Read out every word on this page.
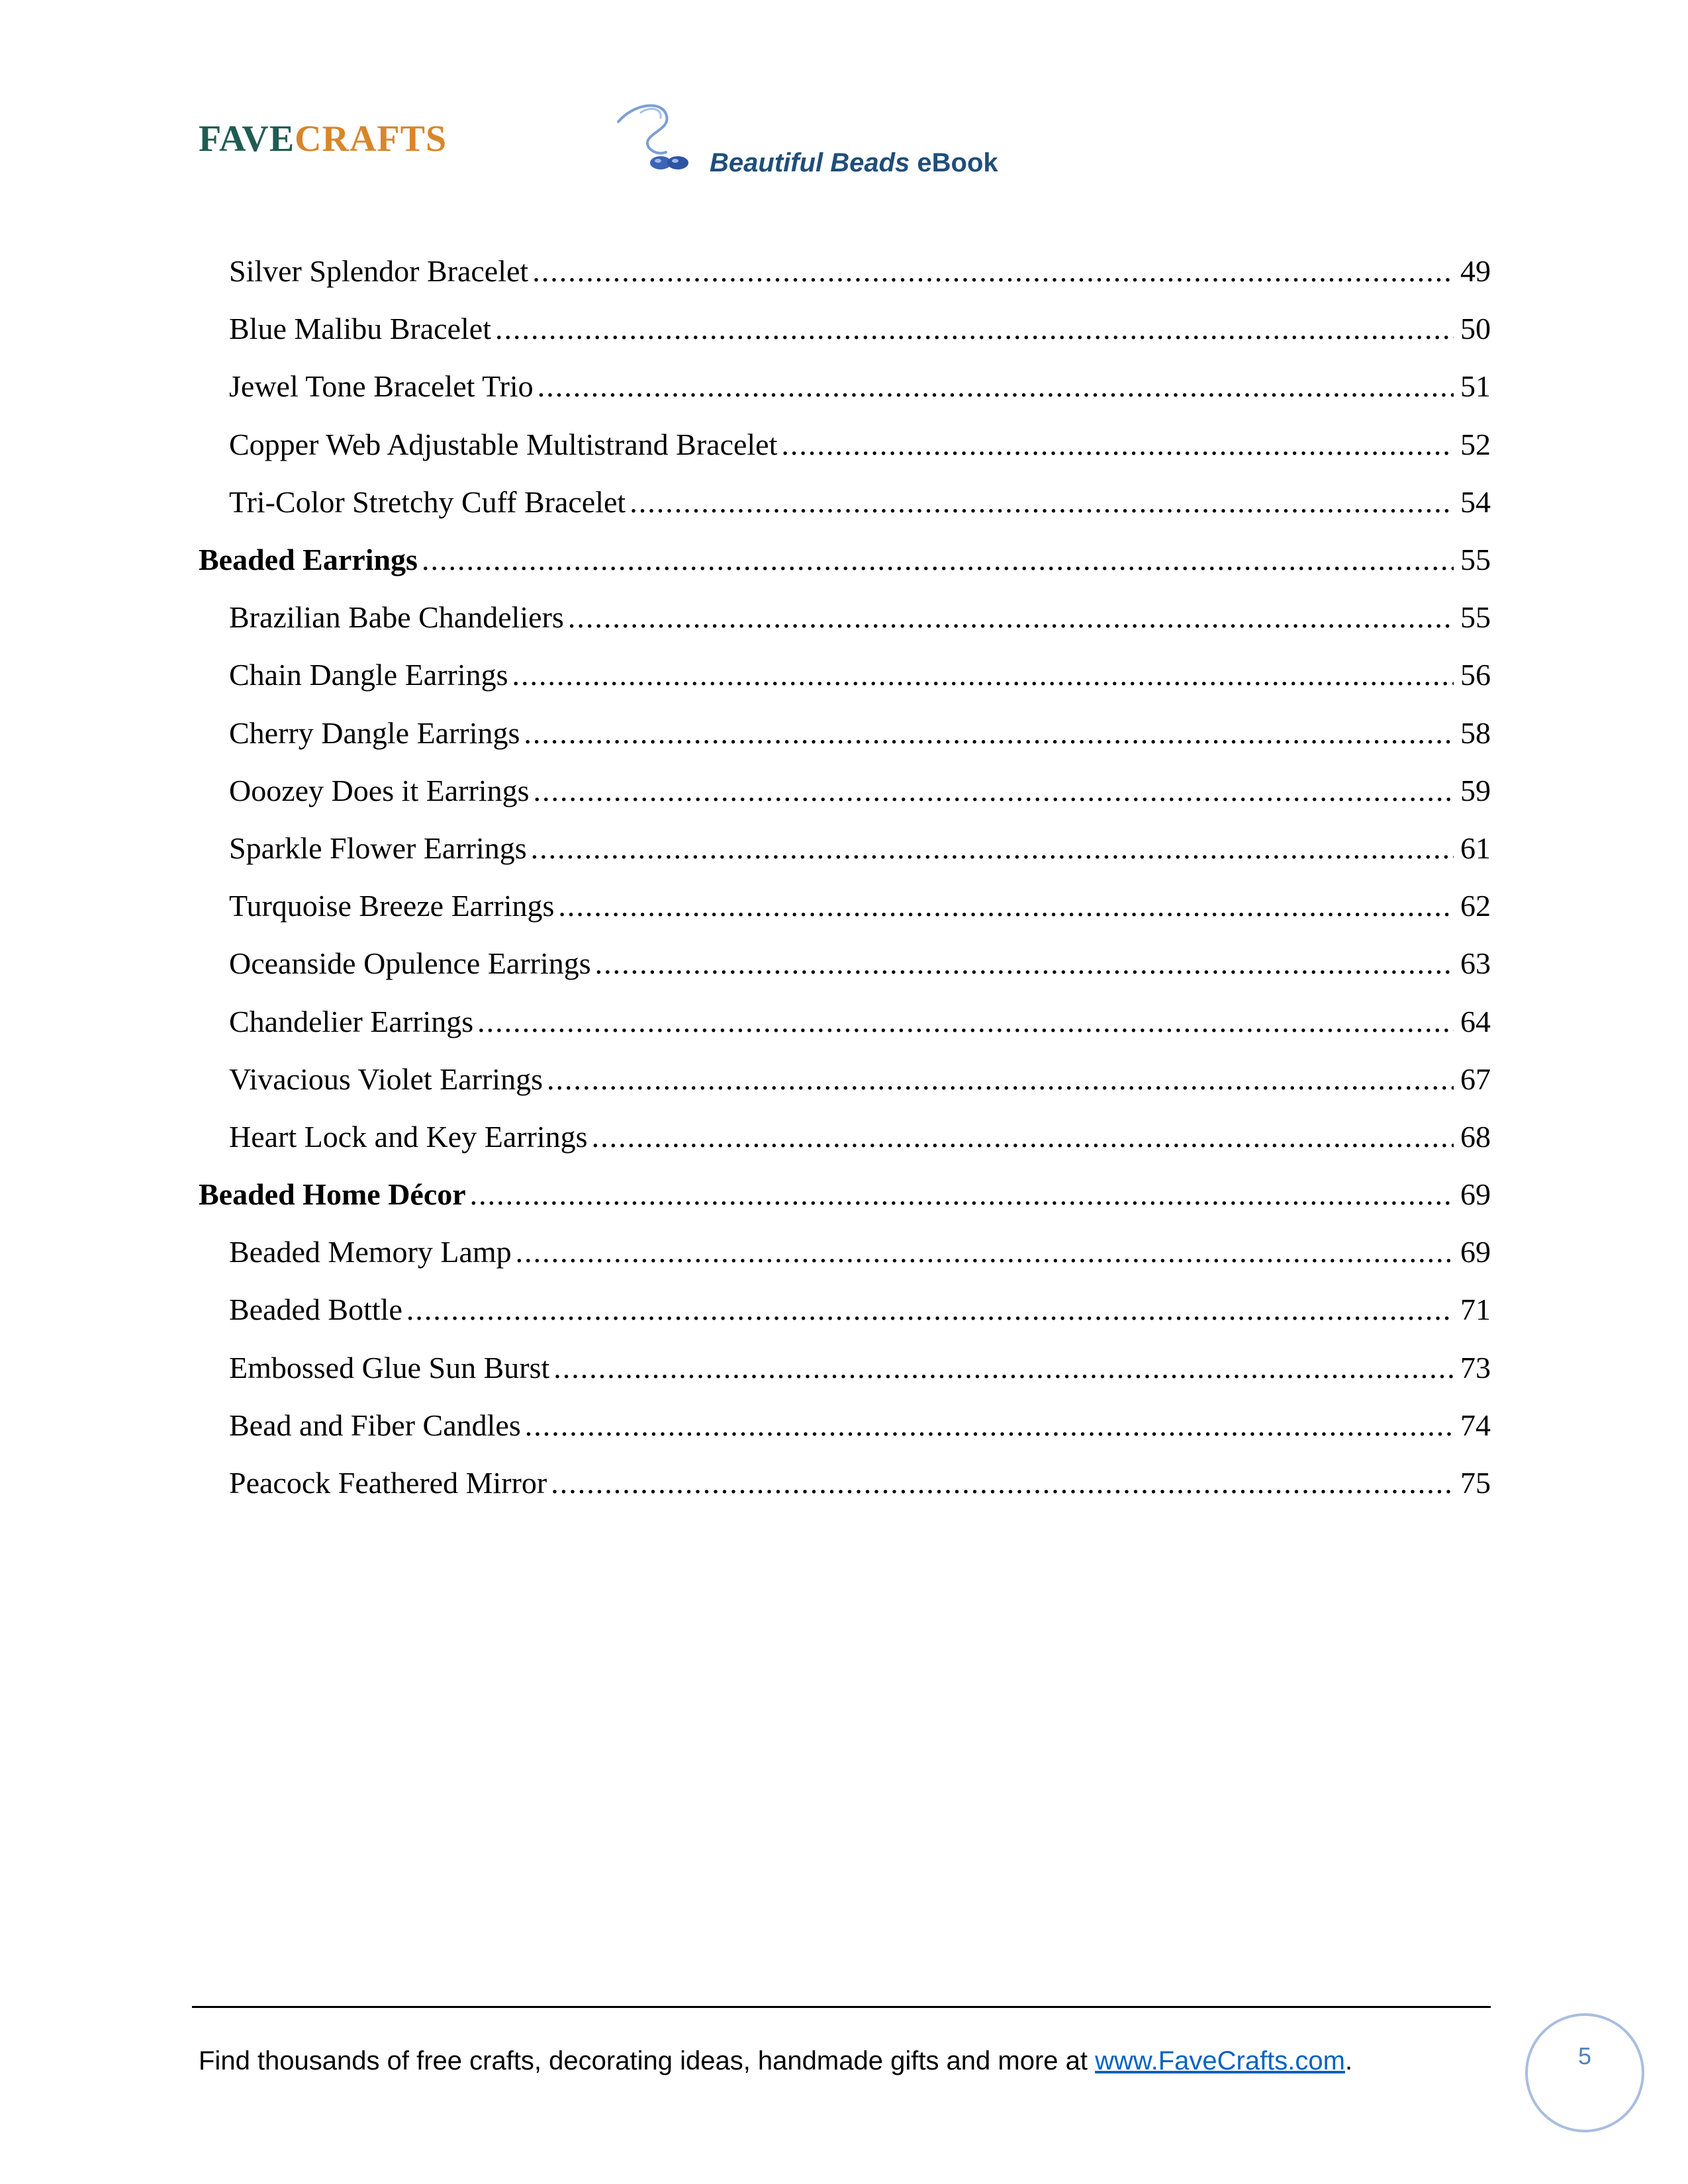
FAVECRAFTS
Beautiful Beads eBook
Silver Splendor Bracelet .....	49
Blue Malibu Bracelet .....	50
Jewel Tone Bracelet Trio .....	51
Copper Web Adjustable Multistrand Bracelet .....	52
Tri-Color Stretchy Cuff Bracelet .....	54
Beaded Earrings .....	55
Brazilian Babe Chandeliers .....	55
Chain Dangle Earrings .....	56
Cherry Dangle Earrings .....	58
Ooozey Does it Earrings .....	59
Sparkle Flower Earrings .....	61
Turquoise Breeze Earrings .....	62
Oceanside Opulence Earrings .....	63
Chandelier Earrings .....	64
Vivacious Violet Earrings .....	67
Heart Lock and Key Earrings .....	68
Beaded Home Décor .....	69
Beaded Memory Lamp .....	69
Beaded Bottle .....	71
Embossed Glue Sun Burst .....	73
Bead and Fiber Candles .....	74
Peacock Feathered Mirror .....	75
Find thousands of free crafts, decorating ideas, handmade gifts and more at www.FaveCrafts.com.	5
